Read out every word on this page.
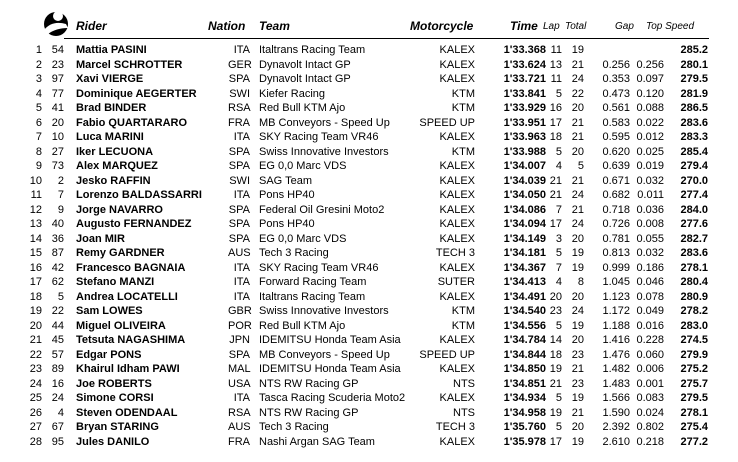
Rider	Nation Team	Motorcycle	Time Lap Total	Gap Top Speed
1 54 Mattia PASINI	ITA Italtrans Racing Team	KALEX	1'33.368 11 19	285.2
2 23 Marcel SCHROTTER	GER Dynavolt Intact GP	KALEX	1'33.624 13 21	0.256 0.256	280.1
3 97 Xavi VIERGE	SPA Dynavolt Intact GP	KALEX	1'33.721 11 24	0.353 0.097	279.5
4 77 Dominique AEGERTER	SWI Kiefer Racing	KTM	1'33.841 5 22	0.473 0.120	281.9
5 41 Brad BINDER	RSA Red Bull KTM Ajo	KTM	1'33.929 16 20	0.561 0.088	286.5
6 20 Fabio QUARTARARO	FRA MB Conveyors - Speed Up	SPEED UP	1'33.951 17 21	0.583 0.022	283.6
7 10 Luca MARINI	ITA SKY Racing Team VR46	KALEX	1'33.963 18 21	0.595 0.012	283.3
8 27 Iker LECUONA	SPA Swiss Innovative Investors	KTM	1'33.988 5 20	0.620 0.025	285.4
9 73 Alex MARQUEZ	SPA EG 0,0 Marc VDS	KALEX	1'34.007 4	5	0.639 0.019	279.4
10	2 Jesko RAFFIN	SWI SAG Team	KALEX	1'34.039 21 21	0.671 0.032	270.0
11	7 Lorenzo BALDASSARRI	ITA Pons HP40	KALEX	1'34.050 21 24	0.682 0.011	277.4
12	9 Jorge NAVARRO	SPA Federal Oil Gresini Moto2	KALEX	1'34.086 7 21	0.718 0.036	284.0
13 40 Augusto FERNANDEZ	SPA Pons HP40	KALEX	1'34.094 17 24	0.726 0.008	277.6
14 36 Joan MIR	SPA EG 0,0 Marc VDS	KALEX	1'34.149 3 20	0.781 0.055	282.7
15 87 Remy GARDNER	AUS Tech 3 Racing	TECH 3	1'34.181 5 19	0.813 0.032	283.6
16 42 Francesco BAGNAIA	ITA SKY Racing Team VR46	KALEX	1'34.367 7 19	0.999 0.186	278.1
17 62 Stefano MANZI	ITA Forward Racing Team	SUTER	1'34.413 4	8	1.045 0.046	280.4
18	5 Andrea LOCATELLI	ITA Italtrans Racing Team	KALEX	1'34.491 20 20	1.123 0.078	280.9
19 22 Sam LOWES	GBR Swiss Innovative Investors	KTM	1'34.540 23 24	1.172 0.049	278.2
20 44 Miguel OLIVEIRA	POR Red Bull KTM Ajo	KTM	1'34.556 5 19	1.188 0.016	283.0
21 45 Tetsuta NAGASHIMA	JPN IDEMITSU Honda Team Asia	KALEX	1'34.784 14 20	1.416 0.228	274.5
22 57 Edgar PONS	SPA MB Conveyors - Speed Up	SPEED UP	1'34.844 18 23	1.476 0.060	279.9
23 89 Khairul Idham PAWI	MAL IDEMITSU Honda Team Asia	KALEX	1'34.850 19 21	1.482 0.006	275.2
24 16 Joe ROBERTS	USA NTS RW Racing GP	NTS	1'34.851 21 23	1.483 0.001	275.7
25 24 Simone CORSI	ITA Tasca Racing Scuderia Moto2	KALEX	1'34.934 5 19	1.566 0.083	279.5
26	4 Steven ODENDAAL	RSA NTS RW Racing GP	NTS	1'34.958 19 21	1.590 0.024	278.1
27 67 Bryan STARING	AUS Tech 3 Racing	TECH 3	1'35.760 5 20	2.392 0.802	275.4
28 95 Jules DANILO	FRA Nashi Argan SAG Team	KALEX	1'35.978 17 19	2.610 0.218	277.2
